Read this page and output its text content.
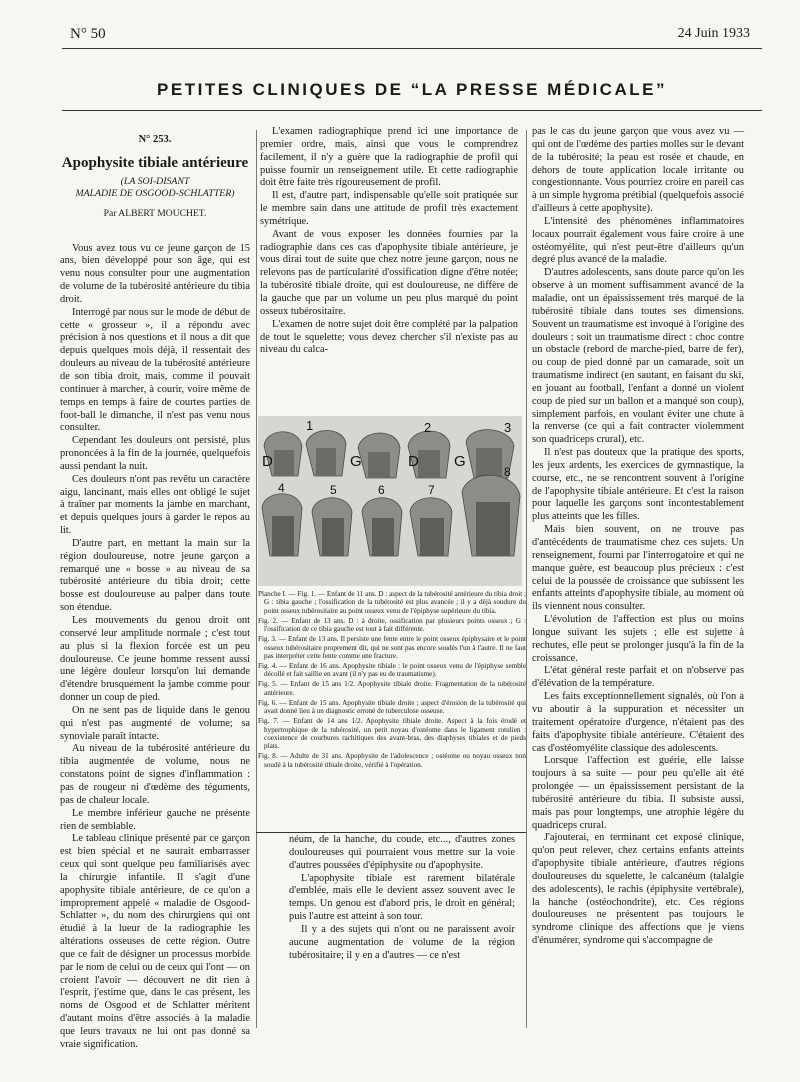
N° 50	24 Juin 1933
PETITES CLINIQUES DE “LA PRESSE MÉDICALE”
N° 253.
Apophysite tibiale antérieure
(LA SOI-DISANT
MALADIE DE OSGOOD-SCHLATTER)
Par ALBERT MOUCHET.

Vous avez tous vu ce jeune garçon de 15 ans, bien développé pour son âge, qui est venu nous consulter pour une augmentation de volume de la tubérosité antérieure du tibia droit.

Interrogé par nous sur le mode de début de cette « grosseur », il a répondu avec précision à nos questions et il nous a dit que depuis quelques mois déjà, il ressentait des douleurs au niveau de la tubérosité antérieure de son tibia droit, mais, comme il pouvait continuer à marcher, à courir, voire même de temps en temps à faire de courtes parties de foot-ball le dimanche, il n'est pas venu nous consulter.

Cependant les douleurs ont persisté, plus prononcées à la fin de la journée, quelquefois aussi pendant la nuit.

Ces douleurs n'ont pas revêtu un caractère aigu, lancinant, mais elles ont obligé le sujet à traîner par moments la jambe en marchant, et depuis quelques jours à garder le repos au lit.

D'autre part, en mettant la main sur la région douloureuse, notre jeune garçon a remarqué une « bosse » au niveau de sa tubérosité antérieure du tibia droit; cette bosse est douloureuse au palper dans toute son étendue.

Les mouvements du genou droit ont conservé leur amplitude normale ; c'est tout au plus si la flexion forcée est un peu douloureuse. Ce jeune homme ressent aussi une légère douleur lorsqu'on lui demande d'étendre brusquement la jambe comme pour donner un coup de pied.

On ne sent pas de liquide dans le genou qui n'est pas augmenté de volume; sa synoviale paraît intacte.

Au niveau de la tubérosité antérieure du tibia augmentée de volume, nous ne constatons point de signes d'inflammation : pas de rougeur ni d'œdème des téguments, pas de chaleur locale.

Le membre inférieur gauche ne présente rien de semblable.

Le tableau clinique présenté par ce garçon est bien spécial et ne saurait embarrasser ceux qui sont quelque peu familiarisés avec la chirurgie infantile. Il s'agit d'une apophysite tibiale antérieure, de ce qu'on a improprement appelé « maladie de Osgood-Schlatter », du nom des chirurgiens qui ont étudié à la lueur de la radiographie les altérations osseuses de cette région. Outre que ce fait de désigner un processus morbide par le nom de celui ou de ceux qui l'ont — on croient l'avoir — découvert ne dit rien à l'esprit, j'estime que, dans le cas présent, les noms de Osgood et de Schlatter méritent d'autant moins d'être associés à la maladie que leurs travaux ne lui ont pas donné sa vraie signification.

L'examen radiographique prend ici une importance de premier ordre, mais, ainsi que vous le comprendrez facilement, il n'y a guère que la radiographie de profil qui puisse fournir un renseignement utile. Et cette radiographie doit être faite très rigoureusement de profil.

Il est, d'autre part, indispensable qu'elle soit pratiquée sur le membre sain dans une attitude de profil très exactement symétrique.

Avant de vous exposer les données fournies par la radiographie dans ces cas d'apophysite tibiale antérieure, je vous dirai tout de suite que chez notre jeune garçon, nous ne relevons pas de particularité d'ossification digne d'être notée; la tubérosité tibiale droite, qui est douloureuse, ne diffère de la gauche que par un volume un peu plus marqué du point osseux tubérositaire.

L'examen de notre sujet doit être complété par la palpation de tout le squelette; vous devez chercher s'il n'existe pas au niveau du calca-

1	2	3
4	5	6	7
8
D	G	D G
Planche I. — Fig. 1. — Enfant de 11 ans. D : aspect de la tubérosité antérieure du tibia droit ; G : tibia gauche ; l'ossification de la tubérosité est plus avancée ; il y a déjà soudure du point osseux tubérositaire au point osseux venu de l'épiphyse supérieure du tibia.
Fig. 2. — Enfant de 13 ans. D : à droite, ossification par plusieurs points osseux ; G : l'ossification de ce tibia gauche est tout à fait différente.
Fig. 3. — Enfant de 13 ans. Il persiste une fente entre le point osseux épiphysaire et le point osseux tubérositaire proprement dit, qui ne sont pas encore soudés l'un à l'autre. Il ne faut pas interpréter cette fente comme une fracture.
Fig. 4. — Enfant de 16 ans. Apophysite tibiale : le point osseux venu de l'épiphyse semble décollé et fait saillie en avant (il n'y pas eu de traumatisme).
Fig. 5. — Enfant de 15 ans 1/2. Apophysite tibiale droite. Fragmentation de la tubérosité antérieure.
Fig. 6. — Enfant de 15 ans. Apophysite tibiale droite ; aspect d'érosion de la tubérosité qui avait donné lieu à un diagnostic erroné de tuberculose osseuse.
Fig. 7. — Enfant de 14 ans 1/2. Apophysite tibiale droite. Aspect à la fois érodé et hypertrophique de la tubérosité, un petit noyau d'ostéome dans le ligament rotulien : coexistence de courbures rachitiques des avant-bras, des diaphyses tibiales et de pieds plats.
Fig. 8. — Adulte de 31 ans. Apophysite de l'adolescence ; ostéome ou noyau osseux non soudé à la tubérosité tibiale droite, vérifié à l'opération.

néum, de la hanche, du coude, etc..., d'autres zones douloureuses qui pourraient vous mettre sur la voie d'autres poussées d'épiphysite ou d'apophysite.

L'apophysite tibiale est rarement bilatérale d'emblée, mais elle le devient assez souvent avec le temps. Un genou est d'abord pris, le droit en général; puis l'autre est atteint à son tour.

Il y a des sujets qui n'ont ou ne paraissent avoir aucune augmentation de volume de la région tubérositaire; il y en a d'autres — ce n'est

pas le cas du jeune garçon que vous avez vu — qui ont de l'œdème des parties molles sur le devant de la tubérosité; la peau est rosée et chaude, en dehors de toute application locale irritante ou congestionnante. Vous pourriez croire en pareil cas à un simple hygroma prétibial (quelquefois associé d'ailleurs à cette apophysite).

L'intensité des phénomènes inflammatoires locaux pourrait également vous faire croire à une ostéomyélite, qui n'est peut-être d'ailleurs qu'un degré plus avancé de la maladie.

D'autres adolescents, sans doute parce qu'on les observe à un moment suffisamment avancé de la maladie, ont un épaississement très marqué de la tubérosité tibiale dans toutes ses dimensions. Souvent un traumatisme est invoqué à l'origine des douleurs : soit un traumatisme direct : choc contre un obstacle (rebord de marche-pied, barre de fer), ou coup de pied donné par un camarade, soit un traumatisme indirect (en sautant, en faisant du ski, en jouant au football, l'enfant a donné un violent coup de pied sur un ballon et a manqué son coup), simplement parfois, en voulant éviter une chute à la renverse (ce qui a fait contracter violemment son quadriceps crural), etc.

Il n'est pas douteux que la pratique des sports, les jeux ardents, les exercices de gymnastique, la course, etc., ne se rencontrent souvent à l'origine de l'apophysite tibiale antérieure. Et c'est la raison pour laquelle les garçons sont incontestablement plus atteints que les filles.

Mais bien souvent, on ne trouve pas d'antécédents de traumatisme chez ces sujets. Un renseignement, fourni par l'interrogatoire et qui ne manque guère, est beaucoup plus précieux : c'est celui de la poussée de croissance que subissent les enfants atteints d'apophysite tibiale, au moment où ils viennent nous consulter.

L'évolution de l'affection est plus ou moins longue suivant les sujets ; elle est sujette à rechutes, elle peut se prolonger jusqu'à la fin de la croissance.

L'état général reste parfait et on n'observe pas d'élévation de la température.

Les faits exceptionnellement signalés, où l'on a vu aboutir à la suppuration et nécessiter un traitement opératoire d'urgence, n'étaient pas des faits d'apophysite tibiale antérieure. C'étaient des cas d'ostéomyélite classique des adolescents.

Lorsque l'affection est guérie, elle laisse toujours à sa suite — pour peu qu'elle ait été prolongée — un épaississement persistant de la tubérosité antérieure du tibia. Il subsiste aussi, mais pas pour longtemps, une atrophie légère du quadriceps crural.

J'ajouterai, en terminant cet exposé clinique, qu'on peut relever, chez certains enfants atteints d'apophysite tibiale antérieure, d'autres régions douloureuses du squelette, le calcanéum (talalgie des adolescents), le rachis (épiphysite vertébrale), la hanche (ostéochondrite), etc. Ces régions douloureuses ne présentent pas toujours le syndrome clinique des affections que je viens d'énumérer, syndrome qui s'accompagne de
